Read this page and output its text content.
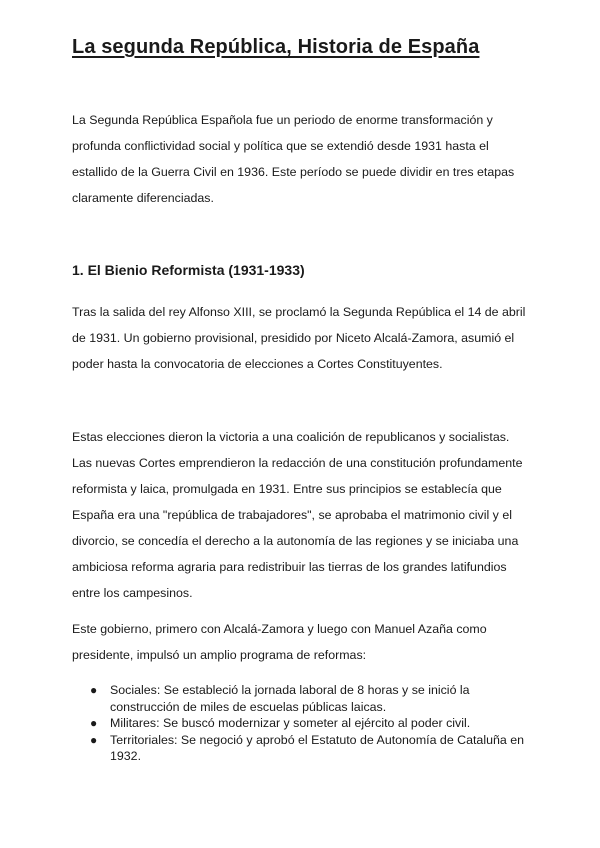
La segunda República, Historia de España

La Segunda República Española fue un periodo de enorme transformación y profunda conflictividad social y política que se extendió desde 1931 hasta el estallido de la Guerra Civil en 1936. Este período se puede dividir en tres etapas claramente diferenciadas.

1. El Bienio Reformista (1931-1933)

Tras la salida del rey Alfonso XIII, se proclamó la Segunda República el 14 de abril de 1931. Un gobierno provisional, presidido por Niceto Alcalá-Zamora, asumió el poder hasta la convocatoria de elecciones a Cortes Constituyentes.

Estas elecciones dieron la victoria a una coalición de republicanos y socialistas. Las nuevas Cortes emprendieron la redacción de una constitución profundamente reformista y laica, promulgada en 1931. Entre sus principios se establecía que España era una "república de trabajadores", se aprobaba el matrimonio civil y el divorcio, se concedía el derecho a la autonomía de las regiones y se iniciaba una ambiciosa reforma agraria para redistribuir las tierras de los grandes latifundios entre los campesinos.

Este gobierno, primero con Alcalá-Zamora y luego con Manuel Azaña como presidente, impulsó un amplio programa de reformas:

● Sociales: Se estableció la jornada laboral de 8 horas y se inició la construcción de miles de escuelas públicas laicas.
● Militares: Se buscó modernizar y someter al ejército al poder civil.
● Territoriales: Se negoció y aprobó el Estatuto de Autonomía de Cataluña en 1932.
